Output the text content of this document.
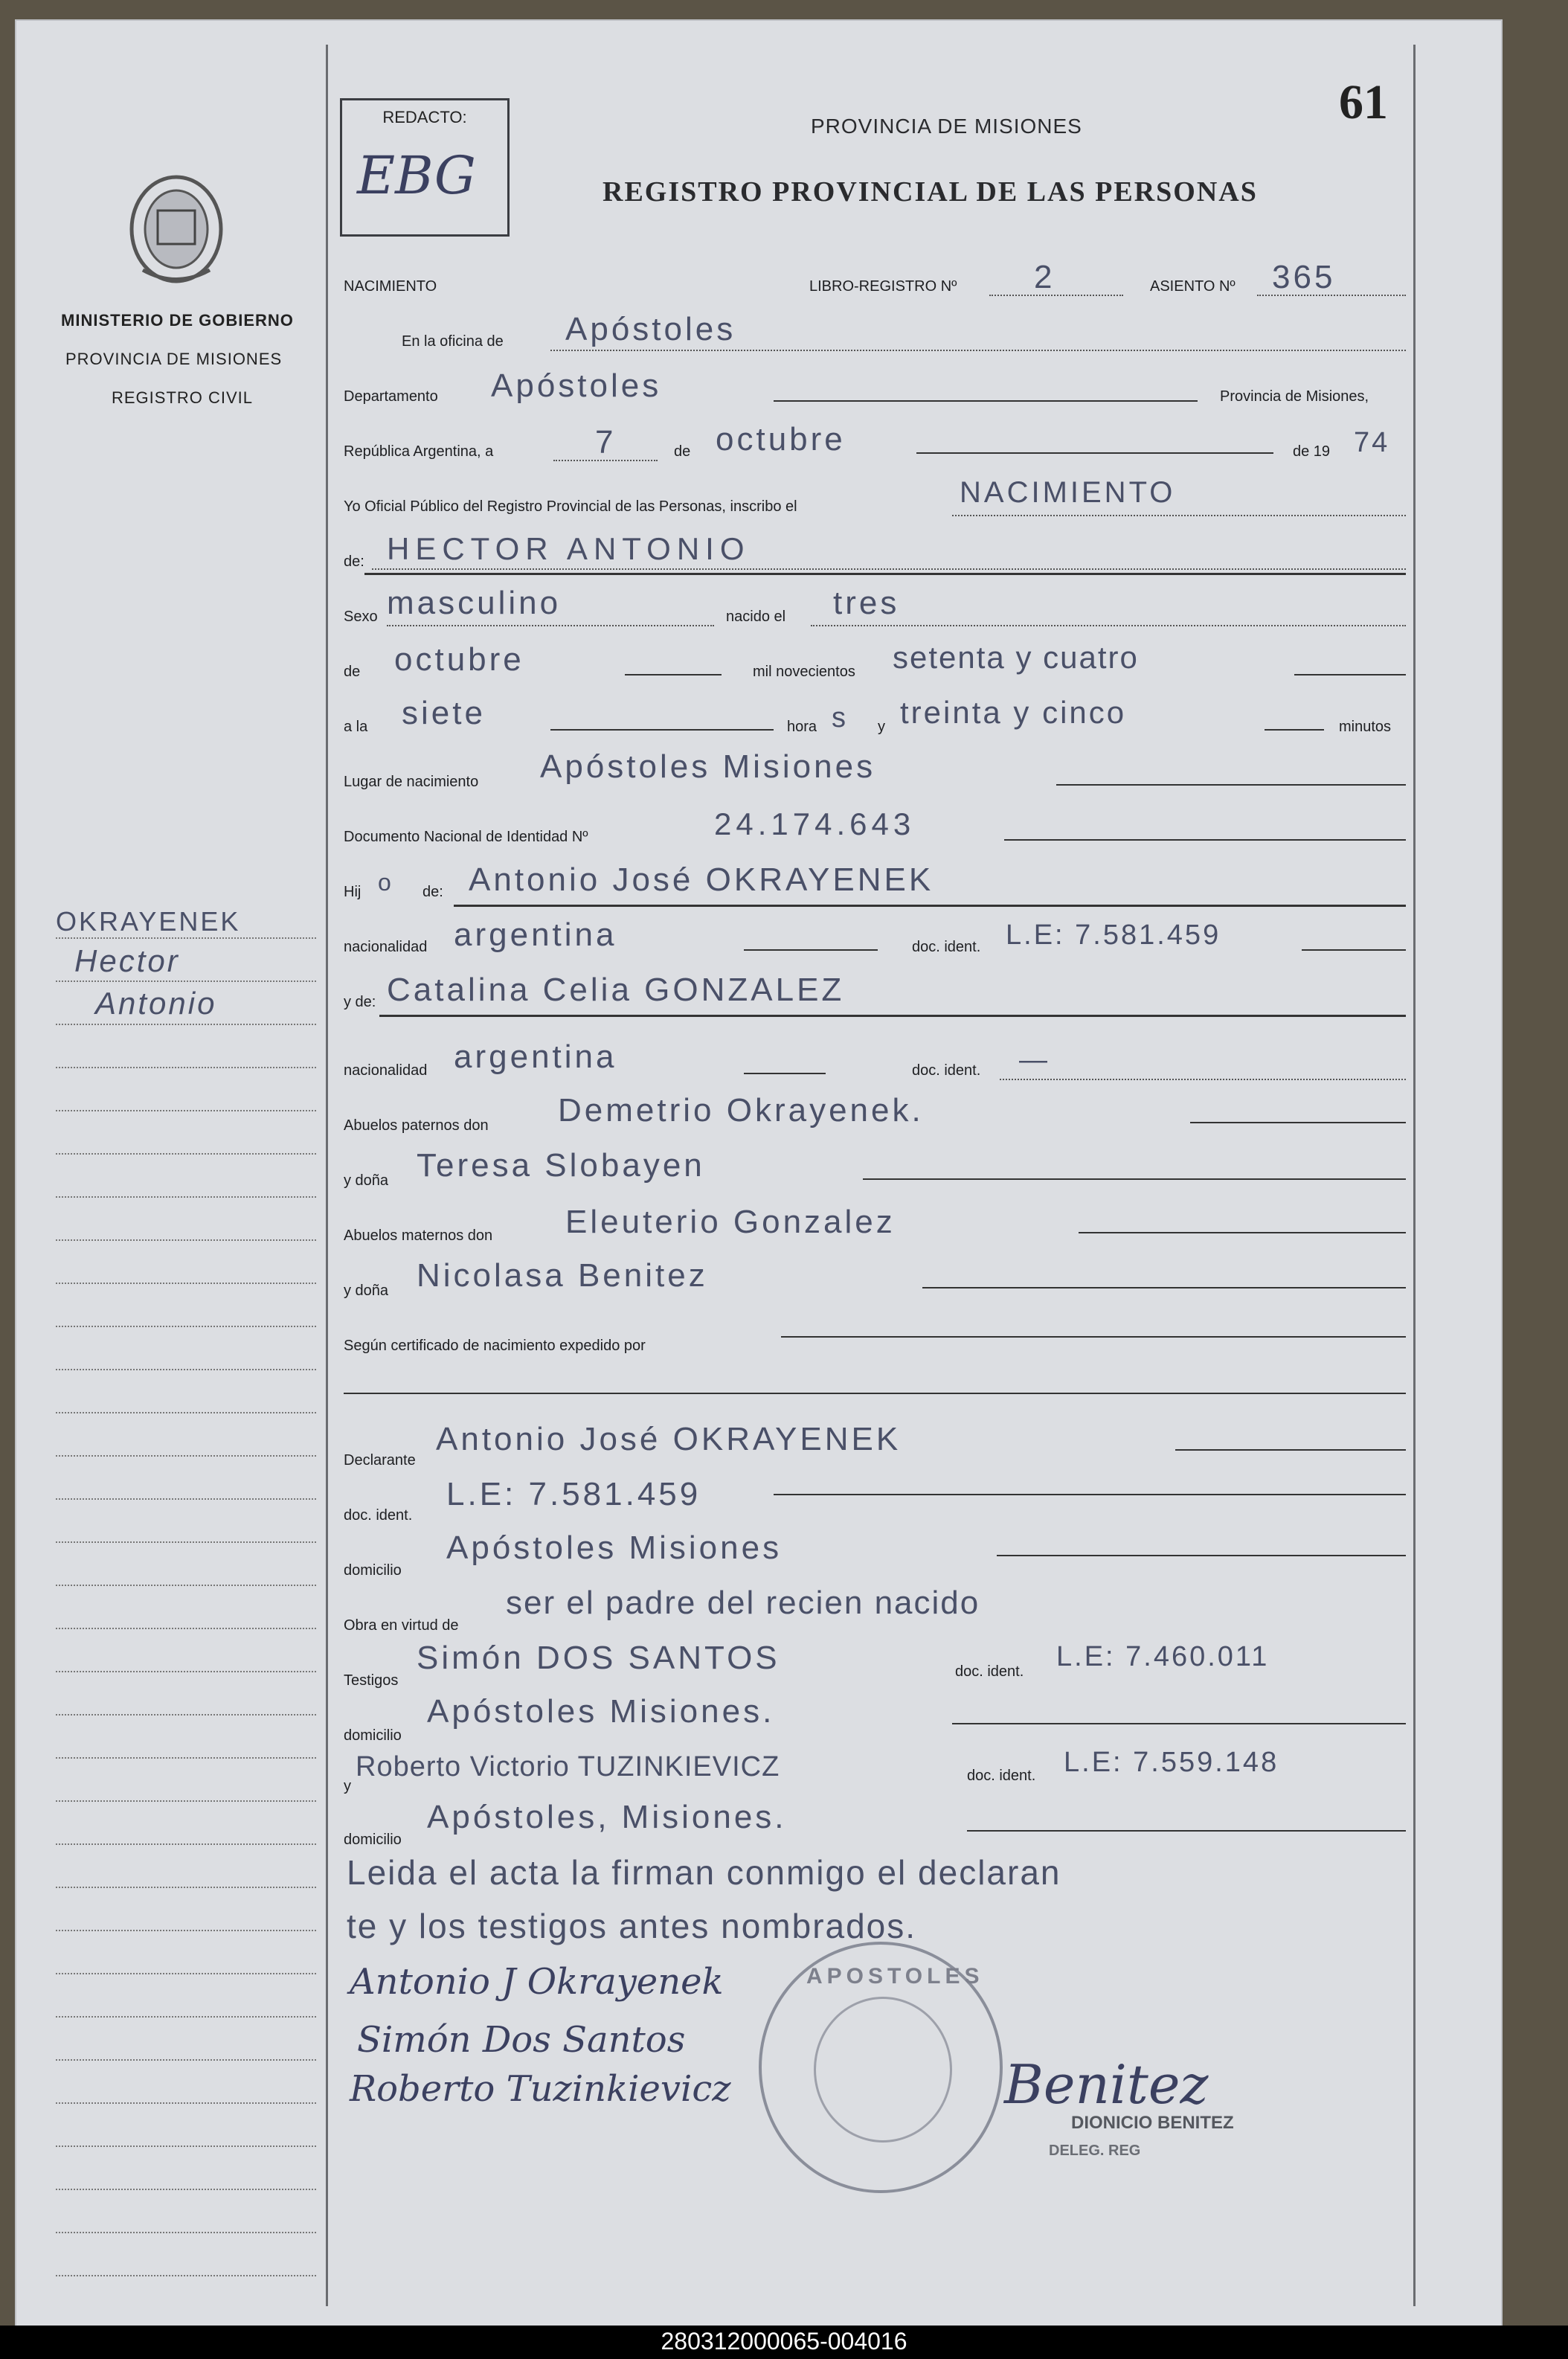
61
REDACTO:
EBG
PROVINCIA DE MISIONES
REGISTRO PROVINCIAL DE LAS PERSONAS
MINISTERIO DE GOBIERNO
PROVINCIA DE MISIONES
REGISTRO CIVIL
OKRAYENEK
Hector
Antonio
NACIMIENTO	LIBRO-REGISTRO Nº 2	ASIENTO Nº 365
En la oficina de Apóstoles
Departamento Apóstoles	Provincia de Misiones,
República Argentina, a	7	de octubre	de 19 74
Yo Oficial Público del Registro Provincial de las Personas, inscribo el	NACIMIENTO
de: HECTOR ANTONIO
Sexo masculino	nacido el tres
de octubre	mil novecientos setenta y cuatro
a la siete	hora s y treinta y cinco	minutos
Lugar de nacimiento Apóstoles Misiones
Documento Nacional de Identidad Nº	24.174.643
Hij o de: Antonio José OKRAYENEK
nacionalidad argentina	doc. ident. L.E: 7.581.459
y de: Catalina Celia GONZALEZ
nacionalidad argentina	doc. ident. —
Abuelos paternos don Demetrio Okrayenek.
y doña Teresa Slobayen
Abuelos maternos don Eleuterio Gonzalez
y doña Nicolasa Benitez
Según certificado de nacimiento expedido por
Declarante
Antonio José OKRAYENEK
doc. ident.
L.E: 7.581.459
domicilio
Apóstoles Misiones
Obra en virtud de
ser el padre del recien nacido
Testigos
Simón DOS SANTOS	doc. ident. L.E: 7.460.011
domicilio
Apóstoles Misiones.
y
Roberto Victorio TUZINKIEVICZ	doc. ident. L.E: 7.559.148
domicilio
Apóstoles, Misiones.
Leida el acta la firman conmigo el declaran
te y los testigos antes nombrados.
Antonio J Okrayenek
Simón Dos Santos
Roberto Tuzinkievicz
APOSTOLES
Benitez
DIONICIO BENITEZ
DELEG. REG
280312000065-004016
